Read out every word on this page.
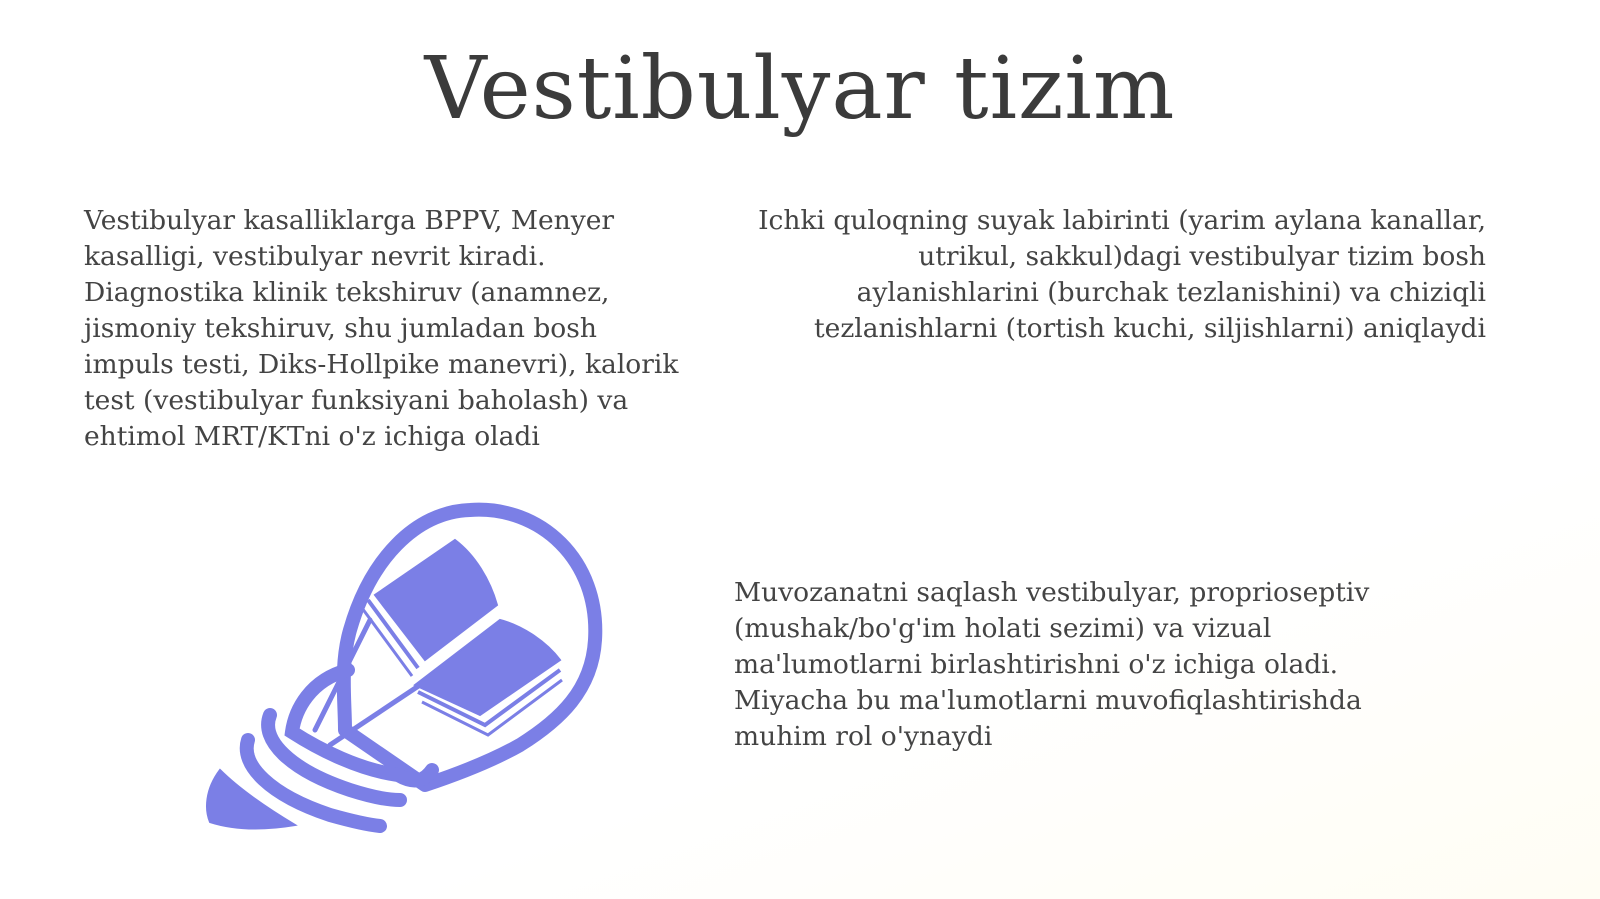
Vestibulyar tizim
Vestibulyar kasalliklarga BPPV, Menyer kasalligi, vestibulyar nevrit kiradi. Diagnostika klinik tekshiruv (anamnez, jismoniy tekshiruv, shu jumladan bosh impuls testi, Diks-Hollpike manevri), kalorik test (vestibulyar funksiyani baholash) va ehtimol MRT/KTni o'z ichiga oladi
Ichki quloqning suyak labirinti (yarim aylana kanallar, utrikul, sakkul)dagi vestibulyar tizim bosh aylanishlarini (burchak tezlanishini) va chiziqli tezlanishlarni (tortish kuchi, siljishlarni) aniqlaydi
Muvozanatni saqlash vestibulyar, proprioseptiv (mushak/bo'g'im holati sezimi) va vizual ma'lumotlarni birlashtirishni o'z ichiga oladi. Miyacha bu ma'lumotlarni muvofiqlashtirishda muhim rol o'ynaydi
